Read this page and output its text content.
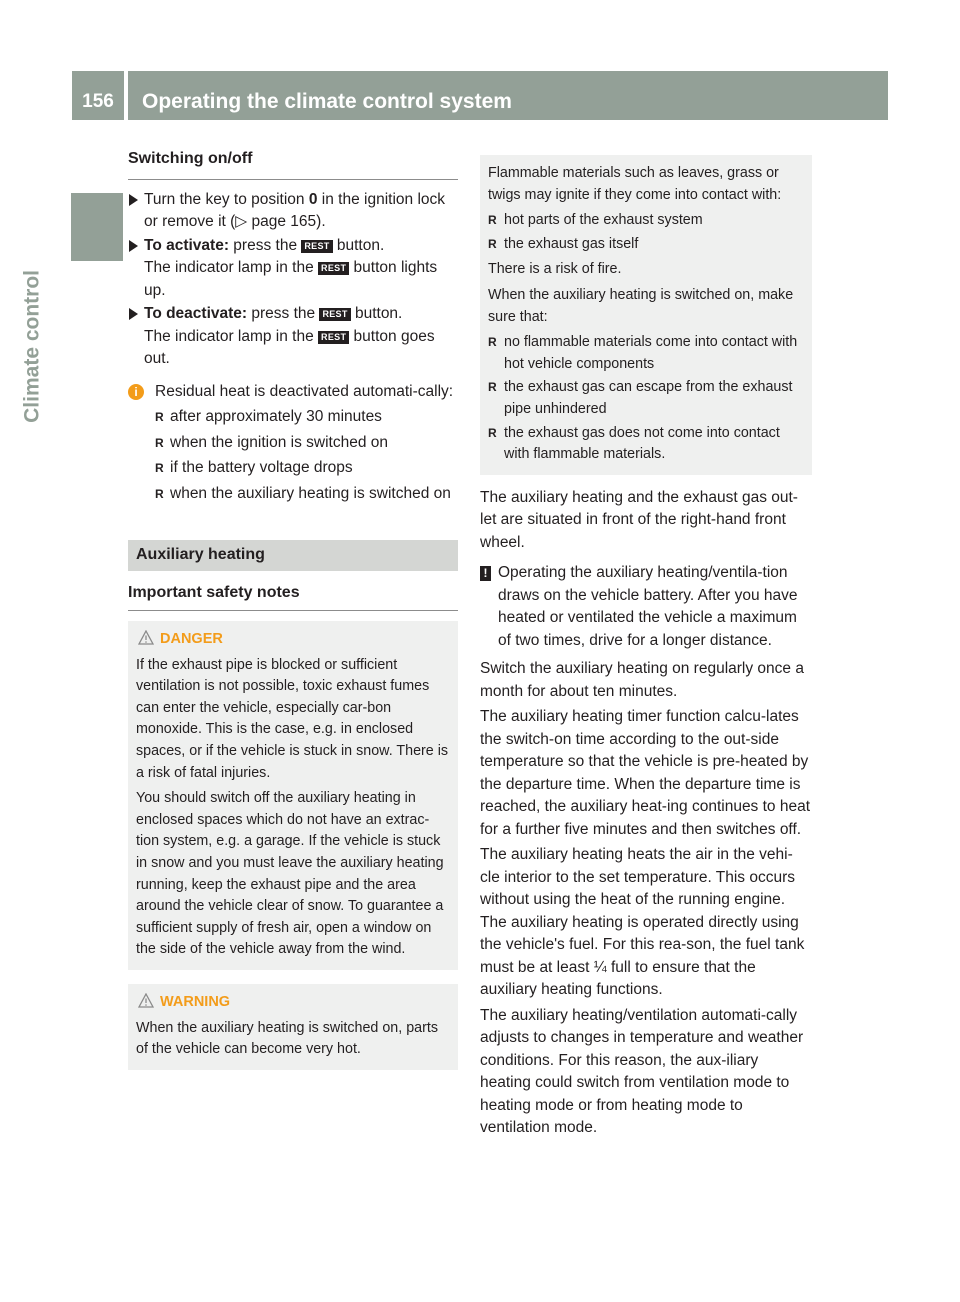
156	Operating the climate control system
Climate control
Switching on/off
Turn the key to position 0 in the ignition lock or remove it (▷ page 165).
To activate: press the REST button.
The indicator lamp in the REST button lights up.
To deactivate: press the REST button.
The indicator lamp in the REST button goes out.
i	Residual heat is deactivated automati-cally:
R after approximately 30 minutes
R when the ignition is switched on
R if the battery voltage drops
R when the auxiliary heating is switched on
Auxiliary heating
Important safety notes
DANGER

If the exhaust pipe is blocked or sufficient ventilation is not possible, toxic exhaust fumes can enter the vehicle, especially car-bon monoxide. This is the case, e.g. in enclosed spaces, or if the vehicle is stuck in snow. There is a risk of fatal injuries.

You should switch off the auxiliary heating in enclosed spaces which do not have an extrac-tion system, e.g. a garage. If the vehicle is stuck in snow and you must leave the auxiliary heating running, keep the exhaust pipe and the area around the vehicle clear of snow. To guarantee a sufficient supply of fresh air, open a window on the side of the vehicle away from the wind.

WARNING

When the auxiliary heating is switched on, parts of the vehicle can become very hot.

Flammable materials such as leaves, grass or twigs may ignite if they come into contact with:

R hot parts of the exhaust system
R the exhaust gas itself

There is a risk of fire.

When the auxiliary heating is switched on, make sure that:

R no flammable materials come into contact with hot vehicle components
R the exhaust gas can escape from the exhaust pipe unhindered
R the exhaust gas does not come into contact with flammable materials.
The auxiliary heating and the exhaust gas out-let are situated in front of the right-hand front wheel.
! Operating the auxiliary heating/ventila-tion draws on the vehicle battery. After you have heated or ventilated the vehicle a maximum of two times, drive for a longer distance.
Switch the auxiliary heating on regularly once a month for about ten minutes.
The auxiliary heating timer function calcu-lates the switch-on time according to the out-side temperature so that the vehicle is pre-heated by the departure time. When the departure time is reached, the auxiliary heat-ing continues to heat for a further five minutes and then switches off.
The auxiliary heating heats the air in the vehi-cle interior to the set temperature. This occurs without using the heat of the running engine. The auxiliary heating is operated directly using the vehicle's fuel. For this rea-son, the fuel tank must be at least ¼ full to ensure that the auxiliary heating functions.
The auxiliary heating/ventilation automati-cally adjusts to changes in temperature and weather conditions. For this reason, the aux-iliary heating could switch from ventilation mode to heating mode or from heating mode to ventilation mode.
